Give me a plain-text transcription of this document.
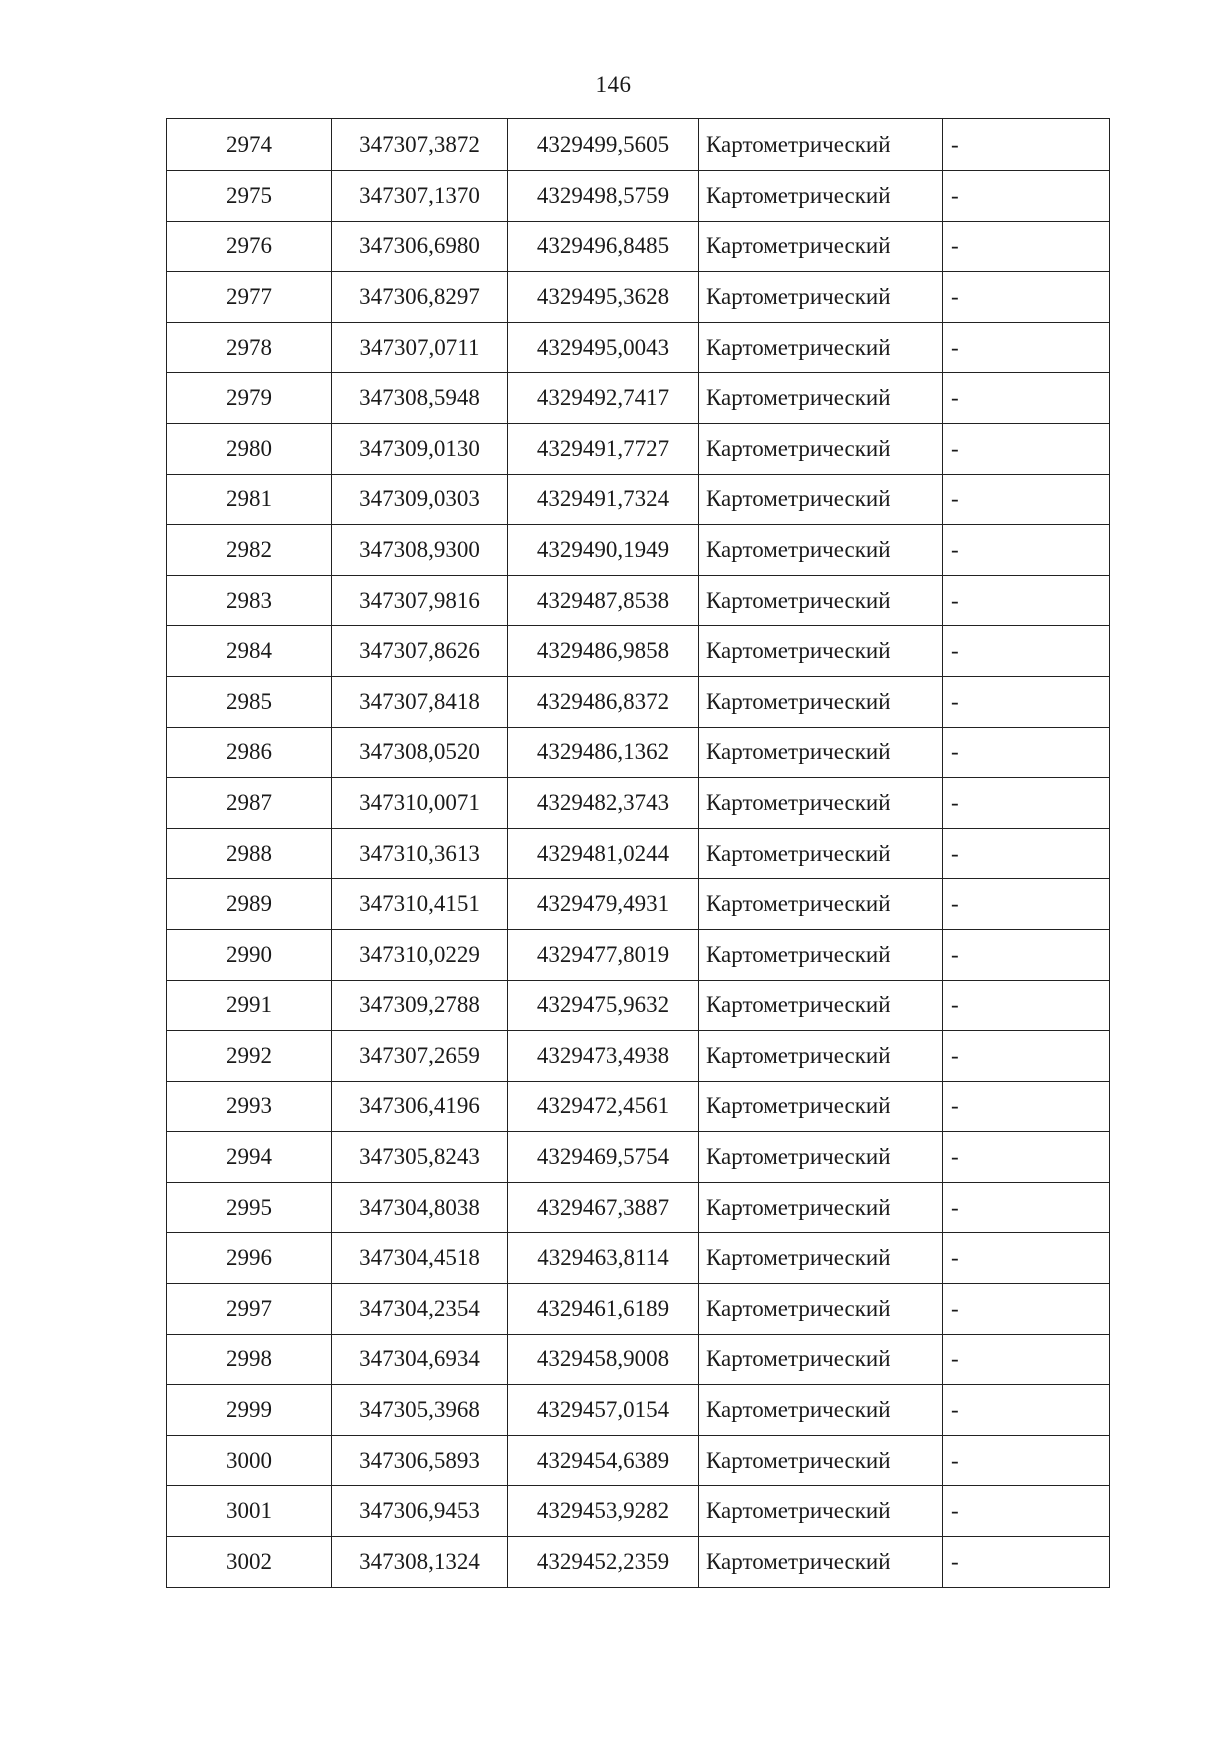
146
2974	347307,3872	4329499,5605	Картометрический	-
2975	347307,1370	4329498,5759	Картометрический	-
2976	347306,6980	4329496,8485	Картометрический	-
2977	347306,8297	4329495,3628	Картометрический	-
2978	347307,0711	4329495,0043	Картометрический	-
2979	347308,5948	4329492,7417	Картометрический	-
2980	347309,0130	4329491,7727	Картометрический	-
2981	347309,0303	4329491,7324	Картометрический	-
2982	347308,9300	4329490,1949	Картометрический	-
2983	347307,9816	4329487,8538	Картометрический	-
2984	347307,8626	4329486,9858	Картометрический	-
2985	347307,8418	4329486,8372	Картометрический	-
2986	347308,0520	4329486,1362	Картометрический	-
2987	347310,0071	4329482,3743	Картометрический	-
2988	347310,3613	4329481,0244	Картометрический	-
2989	347310,4151	4329479,4931	Картометрический	-
2990	347310,0229	4329477,8019	Картометрический	-
2991	347309,2788	4329475,9632	Картометрический	-
2992	347307,2659	4329473,4938	Картометрический	-
2993	347306,4196	4329472,4561	Картометрический	-
2994	347305,8243	4329469,5754	Картометрический	-
2995	347304,8038	4329467,3887	Картометрический	-
2996	347304,4518	4329463,8114	Картометрический	-
2997	347304,2354	4329461,6189	Картометрический	-
2998	347304,6934	4329458,9008	Картометрический	-
2999	347305,3968	4329457,0154	Картометрический	-
3000	347306,5893	4329454,6389	Картометрический	-
3001	347306,9453	4329453,9282	Картометрический	-
3002	347308,1324	4329452,2359	Картометрический	-
